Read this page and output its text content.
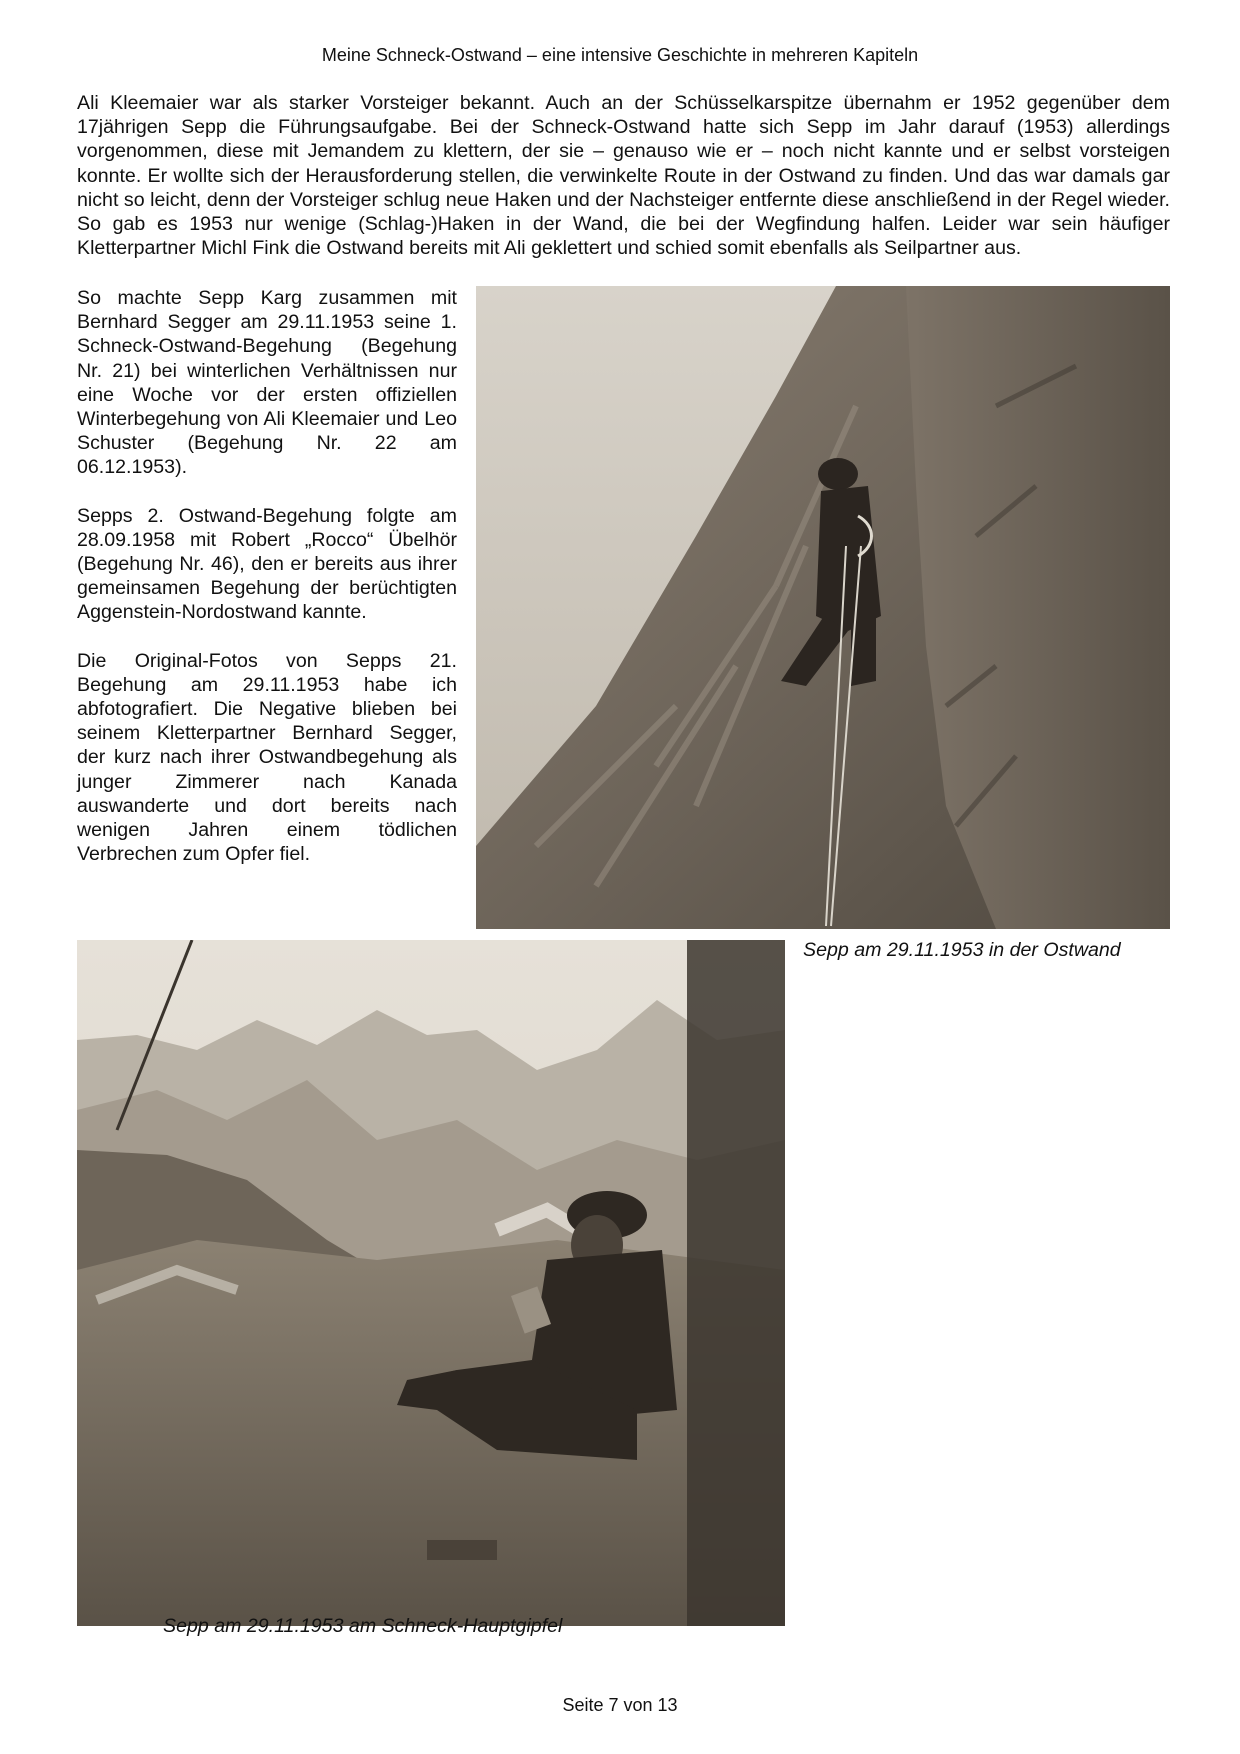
Meine Schneck-Ostwand – eine intensive Geschichte in mehreren Kapiteln

Ali Kleemaier war als starker Vorsteiger bekannt. Auch an der Schüsselkarspitze übernahm er 1952 gegenüber dem 17jährigen Sepp die Führungsaufgabe. Bei der Schneck-Ostwand hatte sich Sepp im Jahr darauf (1953) allerdings vorgenommen, diese mit Jemandem zu klettern, der sie – genauso wie er – noch nicht kannte und er selbst vorsteigen konnte. Er wollte sich der Herausforderung stellen, die verwinkelte Route in der Ostwand zu finden. Und das war damals gar nicht so leicht, denn der Vorsteiger schlug neue Haken und der Nachsteiger entfernte diese anschließend in der Regel wieder. So gab es 1953 nur wenige (Schlag-)Haken in der Wand, die bei der Wegfindung halfen. Leider war sein häufiger Kletterpartner Michl Fink die Ostwand bereits mit Ali geklettert und schied somit ebenfalls als Seilpartner aus.

So machte Sepp Karg zusammen mit Bernhard Segger am 29.11.1953 seine 1. Schneck-Ostwand-Begehung (Begehung Nr. 21) bei winterlichen Verhältnissen nur eine Woche vor der ersten offiziellen Winterbegehung von Ali Kleemaier und Leo Schuster (Begehung Nr. 22 am 06.12.1953).

Sepps 2. Ostwand-Begehung folgte am 28.09.1958 mit Robert „Rocco“ Übelhör (Begehung Nr. 46), den er bereits aus ihrer gemeinsamen Begehung der berüchtigten Aggenstein-Nordostwand kannte.

Die Original-Fotos von Sepps 21. Begehung am 29.11.1953 habe ich abfotografiert. Die Negative blieben bei seinem Kletterpartner Bernhard Segger, der kurz nach ihrer Ostwandbegehung als junger Zimmerer nach Kanada auswanderte und dort bereits nach wenigen Jahren einem tödlichen Verbrechen zum Opfer fiel.

Sepp am 29.11.1953 in der Ostwand
Sepp am 29.11.1953 am Schneck-Hauptgipfel
Seite 7 von 13
